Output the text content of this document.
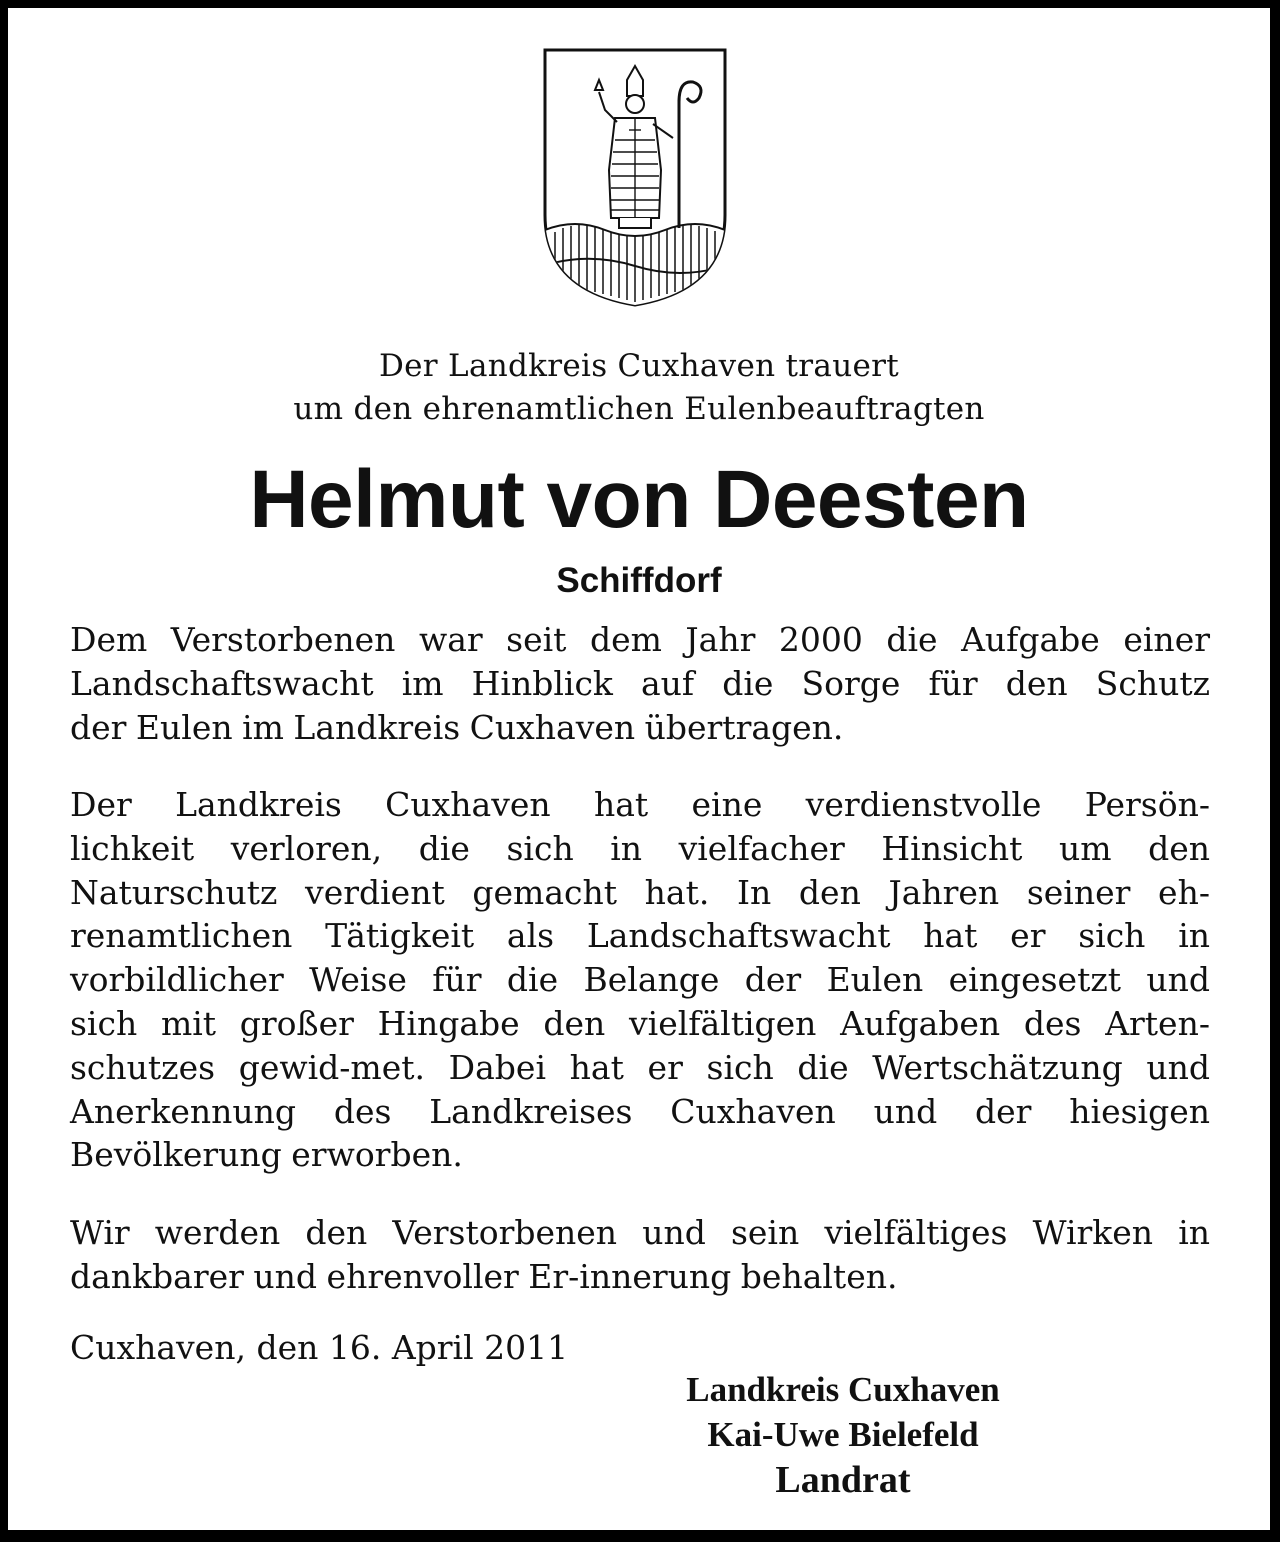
Der Landkreis Cuxhaven trauert
um den ehrenamtlichen Eulenbeauftragten
Helmut von Deesten
Schiffdorf
Dem Verstorbenen war seit dem Jahr 2000 die Aufgabe einer
Landschaftswacht im Hinblick auf die Sorge für den Schutz
der Eulen im Landkreis Cuxhaven übertragen.
Der Landkreis Cuxhaven hat eine verdienstvolle Persön-
lichkeit verloren, die sich in vielfacher Hinsicht um den
Naturschutz verdient gemacht hat. In den Jahren seiner eh-
renamtlichen Tätigkeit als Landschaftswacht hat er sich in
vorbildlicher Weise für die Belange der Eulen eingesetzt und
sich mit großer Hingabe den vielfältigen Aufgaben des Arten-
schutzes gewid-met. Dabei hat er sich die Wertschätzung und
Anerkennung des Landkreises Cuxhaven und der hiesigen
Bevölkerung erworben.
Wir werden den Verstorbenen und sein vielfältiges Wirken in
dankbarer und ehrenvoller Er-innerung behalten.
Cuxhaven, den 16. April 2011
Landkreis Cuxhaven
Kai-Uwe Bielefeld
Landrat
